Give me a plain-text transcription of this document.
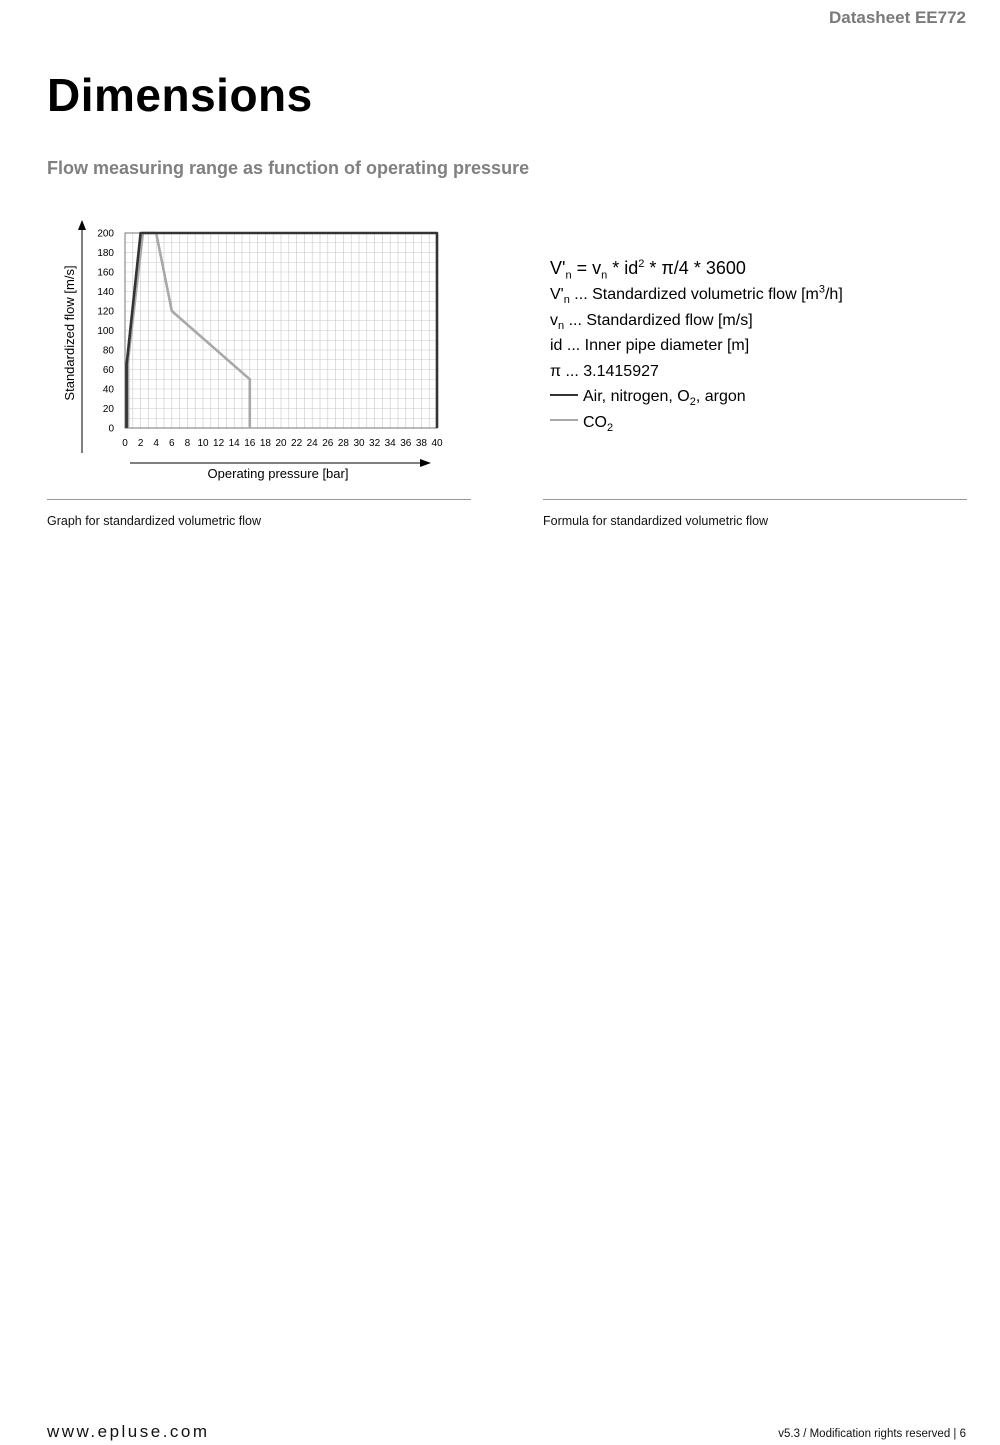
Datasheet EE772
Dimensions
Flow measuring range as function of operating pressure
0 2 4 6 8 10 12 14 16 18 20 22 24 26 28 30 32 34 36 38 40
0
20
40
60
80
100
120
140
160
180
200
Operating pressure [bar]
Standardized flow [m/s]	$V'_n = v_n * id^2 * \pi/4 * 3600$
$V'_n$ ... Standardized volumetric flow $[m^3/h]$
$v_n$ ... Standardized flow [m/s]
id ... Inner pipe diameter [m]
π ... 3.1415927
Air, nitrogen, $O_2$, argon
$CO_2$
Graph for standardized volumetric flow	Formula for standardized volumetric flow
www.epluse.com	v5.3 / Modification rights reserved | 6
